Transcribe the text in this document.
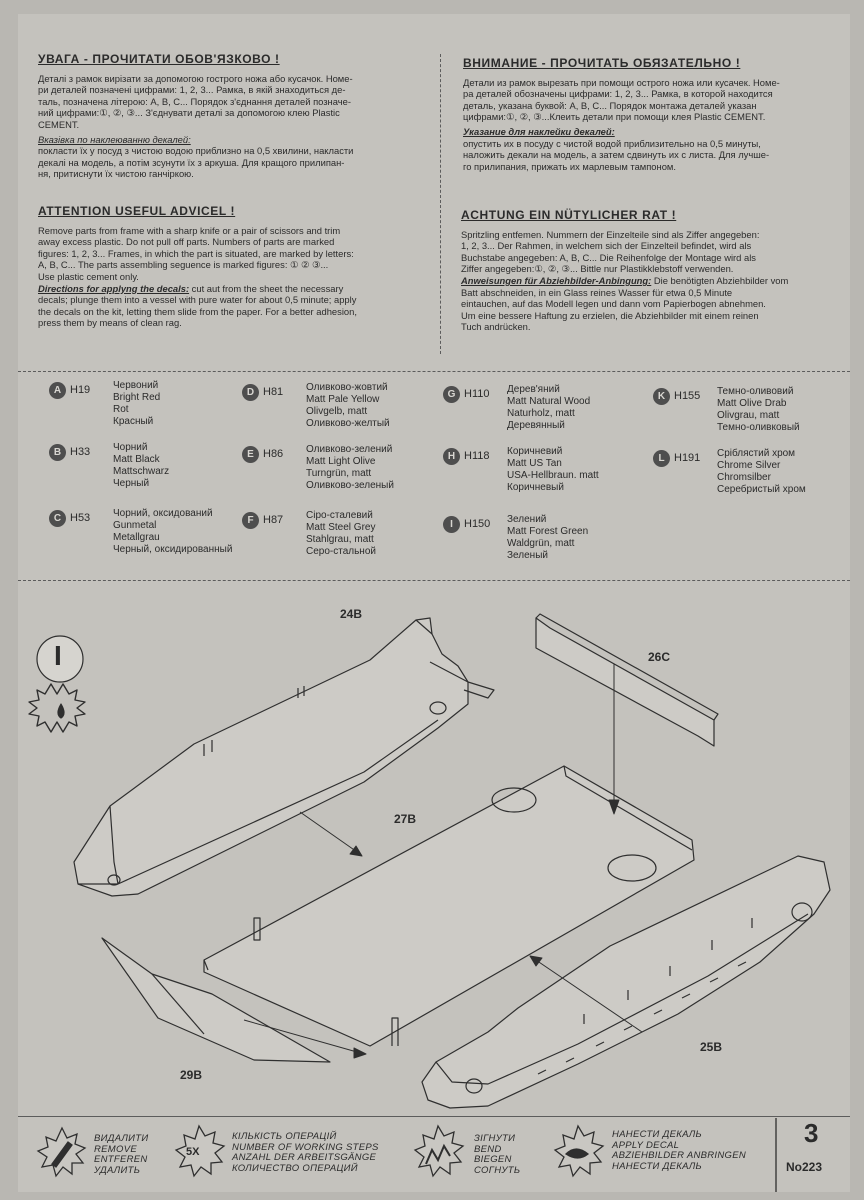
УВАГА - ПРОЧИТАТИ ОБОВ'ЯЗКОВО !

Деталі з рамок вирізати за допомогою гострого ножа або кусачок. Номе-

ри деталей позначені цифрами: 1, 2, 3... Рамка, в якій знаходиться де-

таль, позначена літерою: A, B, C... Порядок з'єднання деталей позначе-

ний цифрами:①, ②, ③... З'єднувати деталі за допомогою клею Plastic

CEMENT.

Вказівка по наклеюванню декалей:

покласти їх у посуд з чистою водою приблизно на 0,5 хвилини, накласти

декалі на модель, а потім зсунути їх з аркуша. Для кращого прилипан-

ня, притиснути їх чистою ганчіркою.

ВНИМАНИЕ - ПРОЧИТАТЬ ОБЯЗАТЕЛЬНО !

Детали из рамок вырезать при помощи острого ножа или кусачек. Номе-

ра деталей обозначены цифрами: 1, 2, 3... Рамка, в которой находится

деталь, указана буквой: A, B, C... Порядок монтажа деталей указан

цифрами:①, ②, ③...Клеить детали при помощи клея Plastic CEMENT.

Указание для наклейки декалей:

опустить их в посуду с чистой водой приблизительно на 0,5 минуты,

наложить декали на модель, а затем сдвинуть их с листа. Для лучше-

го прилипания, прижать их марлевым тампоном.

ATTENTION USEFUL ADVICEL !

Remove parts from frame with a sharp knife or a pair of scissors and trim

away excess plastic. Do not pull off parts. Numbers of parts are marked

figures: 1, 2, 3... Frames, in which the part is situated, are marked by letters:

A, B, C... The parts assembling seguence is marked figures: ① ② ③...

Use plastic cement only.

Directions for applyng the decals: cut aut from the sheet the necessary

decals; plunge them into a vessel with pure water for about 0,5 minute; apply

the decals on the kit, letting them slide from the paper. For a better adhesion,

press them by means of clean rag.

ACHTUNG EIN NÜTYLICHER RAT !

Spritzling entfemen. Nummern der Einzelteile sind als Ziffer angegeben:

1, 2, 3... Der Rahmen, in welchem sich der Einzelteil befindet, wird als

Buchstabe angegeben: A, B, C... Die Reihenfolge der Montage wird als

Ziffer angegeben:①, ②, ③... Bittle nur Plastikklebstoff verwenden.

Anweisungen für Abziehbilder-Anbingung: Die benötigten Abziehbilder vom

Batt abschneiden, in ein Glass reines Wasser für etwa 0,5 Minute

eintauchen, auf das Modell legen und dann vom Papierbogen abnehmen.

Um eine bessere Haftung zu erzielen, die Abziehbilder mit einem reinen

Tuch andrücken.

A H19 Червоний
Bright Red
Rot
Красный
B H33 Чорний
Matt Black
Mattschwarz
Черный
C H53 Чорний, оксидований
Gunmetal
Metallgrau
Черный, оксидированный
D H81 Оливково-жовтий
Matt Pale Yellow
Olivgelb, matt
Оливково-желтый
E H86 Оливково-зелений
Matt Light Olive
Turngrün, matt
Оливково-зеленый
F H87 Сіро-сталевий
Matt Steel Grey
Stahlgrau, matt
Серо-стальной
G H110 Дерев'яний
Matt Natural Wood
Naturholz, matt
Деревянный
H H118 Коричневий
Matt US Tan
USA-Hellbraun. matt
Коричневый
I	H150 Зелений
Matt Forest Green
Waldgrün, matt
Зеленый
K H155 Темно-оливовий
Matt Olive Drab
Olivgrau, matt
Темно-оливковый
L H191 Сріблястий хром
Chrome Silver
Chromsilber
Серебристый хром
I
24B
26C
27B
25B
29B
5X
ВИДАЛИТИ
REMOVE
ENTFEREN
УДАЛИТЬ
КІЛЬКІСТЬ ОПЕРАЦІЙ
NUMBER OF WORKING STEPS
ANZAHL DER ARBEITSGÄNGE
КОЛИЧЕСТВО ОПЕРАЦИЙ
ЗІГНУТИ
BEND
BIEGEN
СОГНУТЬ
НАНЕСТИ ДЕКАЛЬ
APPLY DECAL
ABZIEHBILDER ANBRINGEN
НАНЕСТИ ДЕКАЛЬ
3
No223
